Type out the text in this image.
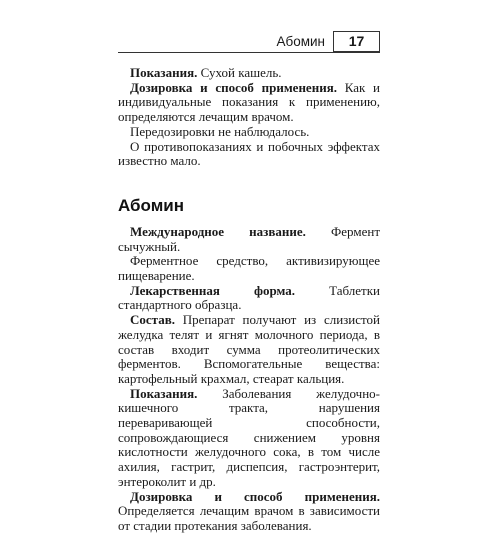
Абомин	17

Показания. Сухой кашель.

Дозировка и способ применения. Как и индивидуальные показания к применению, определяются лечащим врачом.

Передозировки не наблюдалось.

О противопоказаниях и побочных эффектах известно мало.

Абомин

Международное название. Фермент сычужный.

Ферментное средство, активизирующее пищеварение.

Лекарственная форма. Таблетки стандартного образца.

Состав. Препарат получают из слизистой желудка телят и ягнят молочного периода, в состав входит сумма протеолитических ферментов. Вспомогательные вещества: картофельный крахмал, стеарат кальция.

Показания. Заболевания желудочно-кишечного тракта, нарушения переваривающей способности, сопровождающиеся снижением уровня кислотности желудочного сока, в том числе ахилия, гастрит, диспепсия, гастроэнтерит, энтероколит и др.

Дозировка и способ применения. Определяется лечащим врачом в зависимости от стадии протекания заболевания.
